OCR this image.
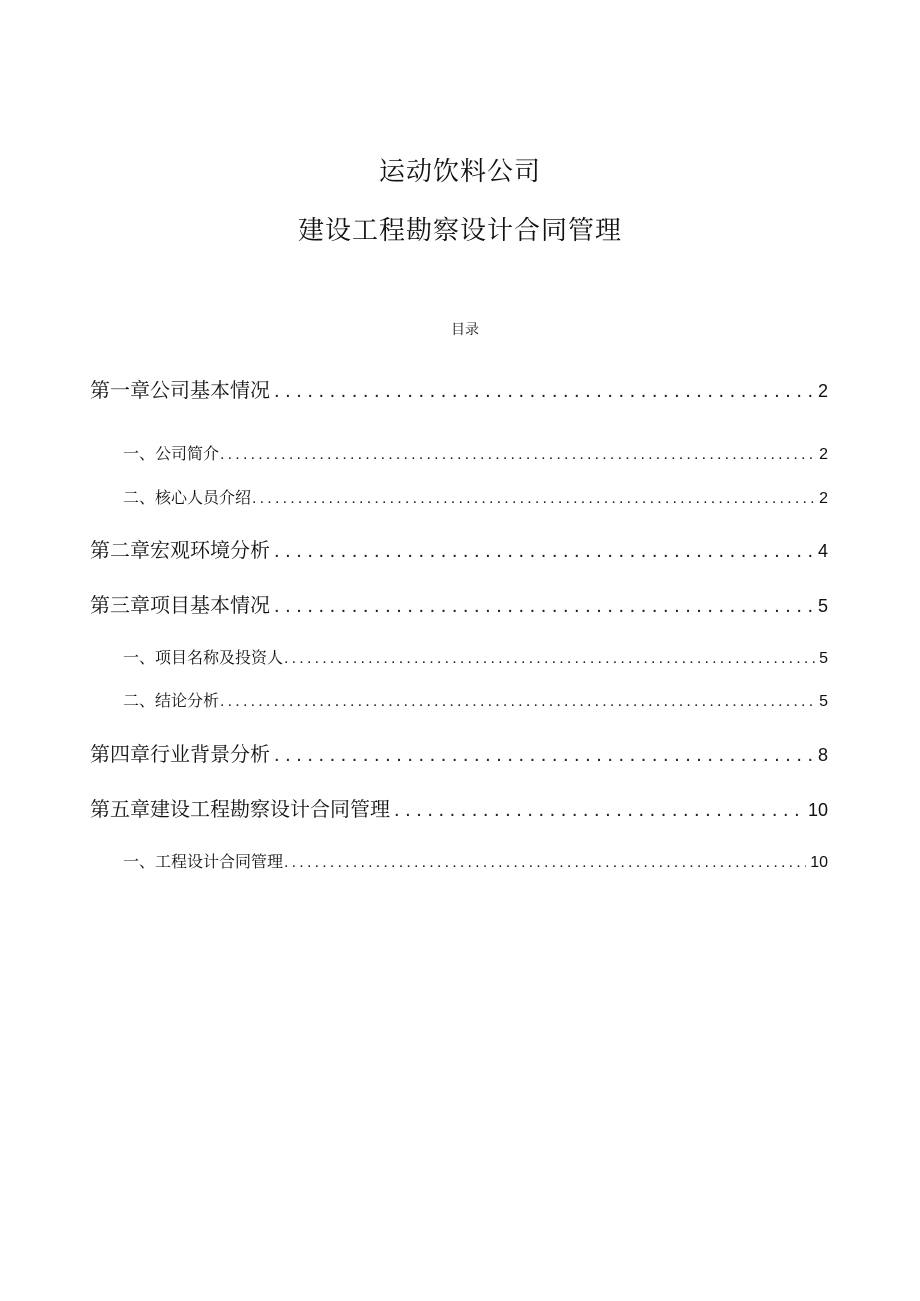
运动饮料公司
建设工程勘察设计合同管理
目录
第一章公司基本情况 . . .	2
一、公司简介 .....	2
二、核心人员介绍 .....	2
第二章宏观环境分析 . . .	4
第三章项目基本情况 . . .	5
一、项目名称及投资人 .....	5
二、结论分析 .....	5
第四章行业背景分析 . . .	8
第五章建设工程勘察设计合同管理 . . .	10
一、工程设计合同管理 .....	10
